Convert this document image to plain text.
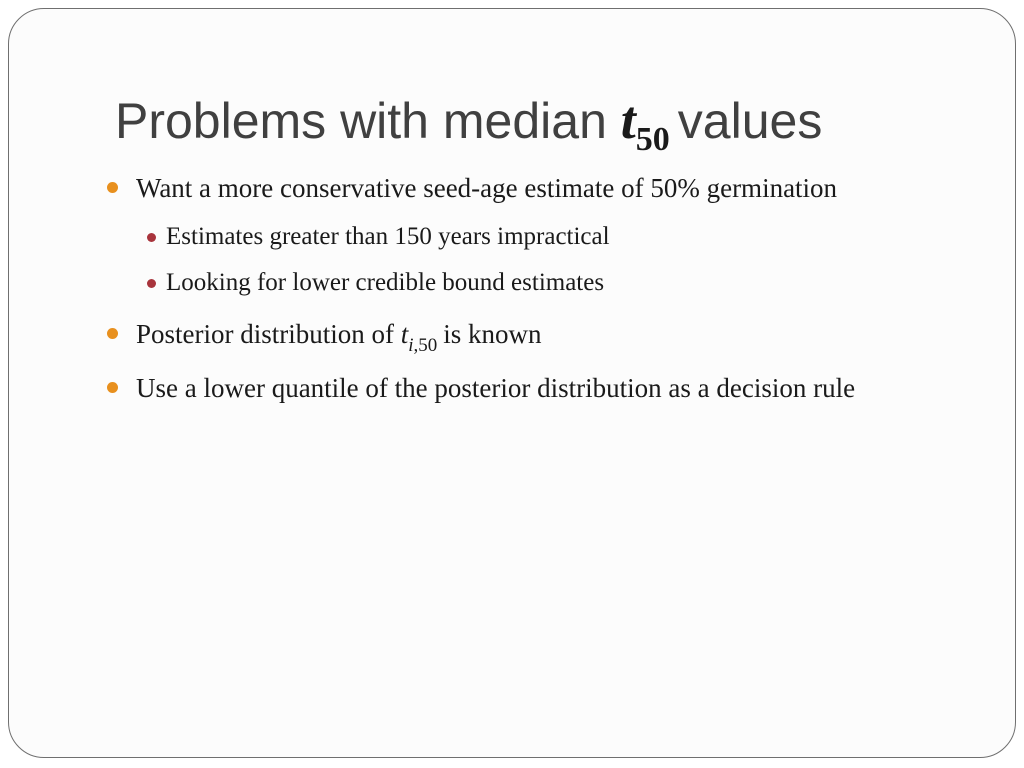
Problems with median $t_{50}$ values
Want a more conservative seed-age estimate of 50% germination
Estimates greater than 150 years impractical
Looking for lower credible bound estimates
Posterior distribution of $t_{i,50}$ is known
Use a lower quantile of the posterior distribution as a decision rule
